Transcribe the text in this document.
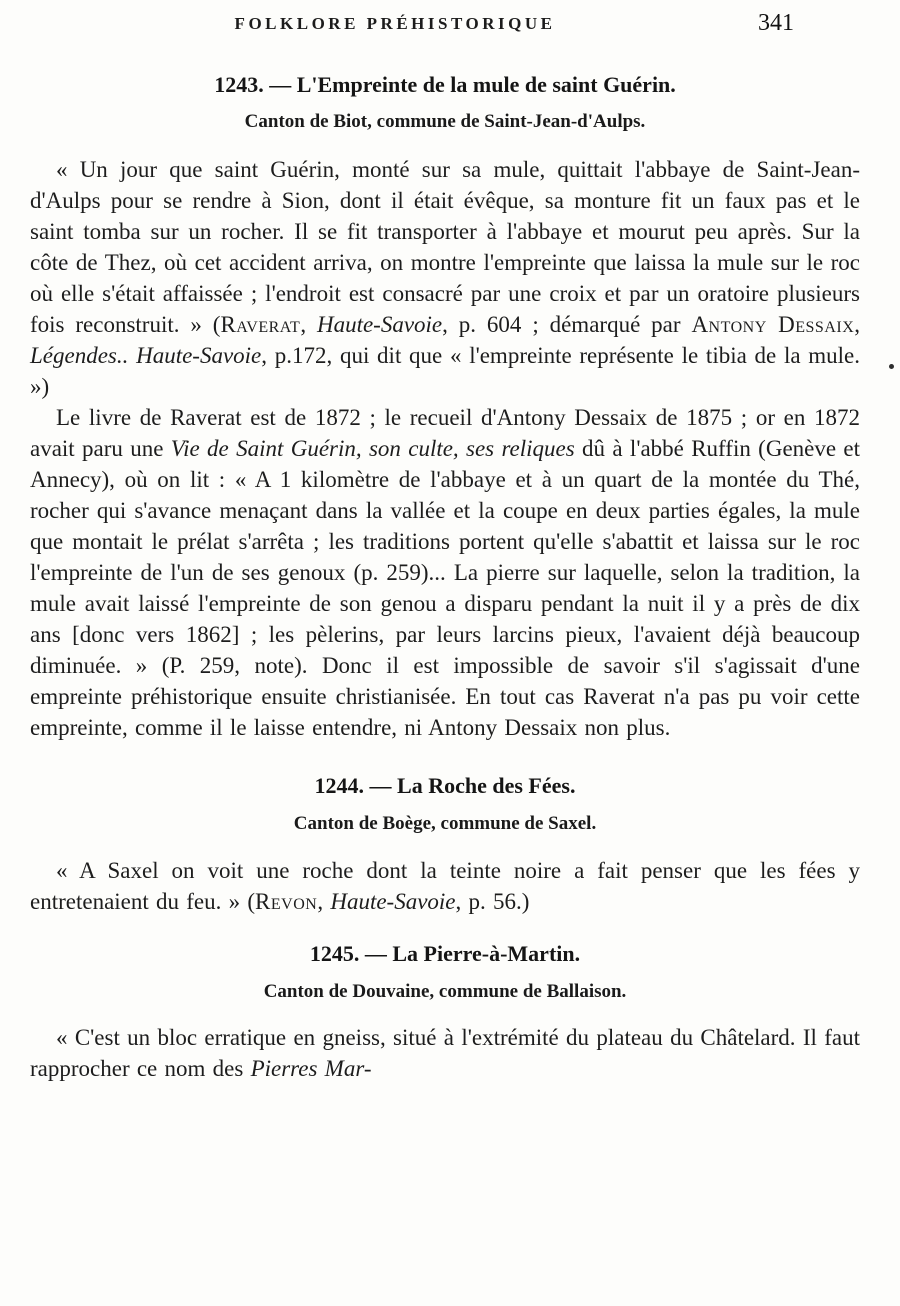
FOLKLORE PRÉHISTORIQUE	341

1243. — L'Empreinte de la mule de saint Guérin.

Canton de Biot, commune de Saint-Jean-d'Aulps.

« Un jour que saint Guérin, monté sur sa mule, quittait l'abbaye de Saint-Jean-d'Aulps pour se rendre à Sion, dont il était évêque, sa monture fit un faux pas et le saint tomba sur un rocher. Il se fit transporter à l'abbaye et mourut peu après. Sur la côte de Thez, où cet accident arriva, on montre l'empreinte que laissa la mule sur le roc où elle s'était affaissée ; l'endroit est consacré par une croix et par un oratoire plusieurs fois reconstruit. » (Raverat, Haute-Savoie, p. 604 ; démarqué par Antony Dessaix, Légendes.. Haute-Savoie, p.172, qui dit que « l'empreinte représente le tibia de la mule. »)

Le livre de Raverat est de 1872 ; le recueil d'Antony Dessaix de 1875 ; or en 1872 avait paru une Vie de Saint Guérin, son culte, ses reliques dû à l'abbé Ruffin (Genève et Annecy), où on lit : « A 1 kilomètre de l'abbaye et à un quart de la montée du Thé, rocher qui s'avance menaçant dans la vallée et la coupe en deux parties égales, la mule que montait le prélat s'arrêta ; les traditions portent qu'elle s'abattit et laissa sur le roc l'empreinte de l'un de ses genoux (p. 259)... La pierre sur laquelle, selon la tradition, la mule avait laissé l'empreinte de son genou a disparu pendant la nuit il y a près de dix ans [donc vers 1862] ; les pèlerins, par leurs larcins pieux, l'avaient déjà beaucoup diminuée. » (P. 259, note). Donc il est impossible de savoir s'il s'agissait d'une empreinte préhistorique ensuite christianisée. En tout cas Raverat n'a pas pu voir cette empreinte, comme il le laisse entendre, ni Antony Dessaix non plus.

1244. — La Roche des Fées.

Canton de Boège, commune de Saxel.

« A Saxel on voit une roche dont la teinte noire a fait penser que les fées y entretenaient du feu. » (Revon, Haute-Savoie, p. 56.)

1245. — La Pierre-à-Martin.

Canton de Douvaine, commune de Ballaison.

« C'est un bloc erratique en gneiss, situé à l'extrémité du plateau du Châtelard. Il faut rapprocher ce nom des Pierres Mar-
